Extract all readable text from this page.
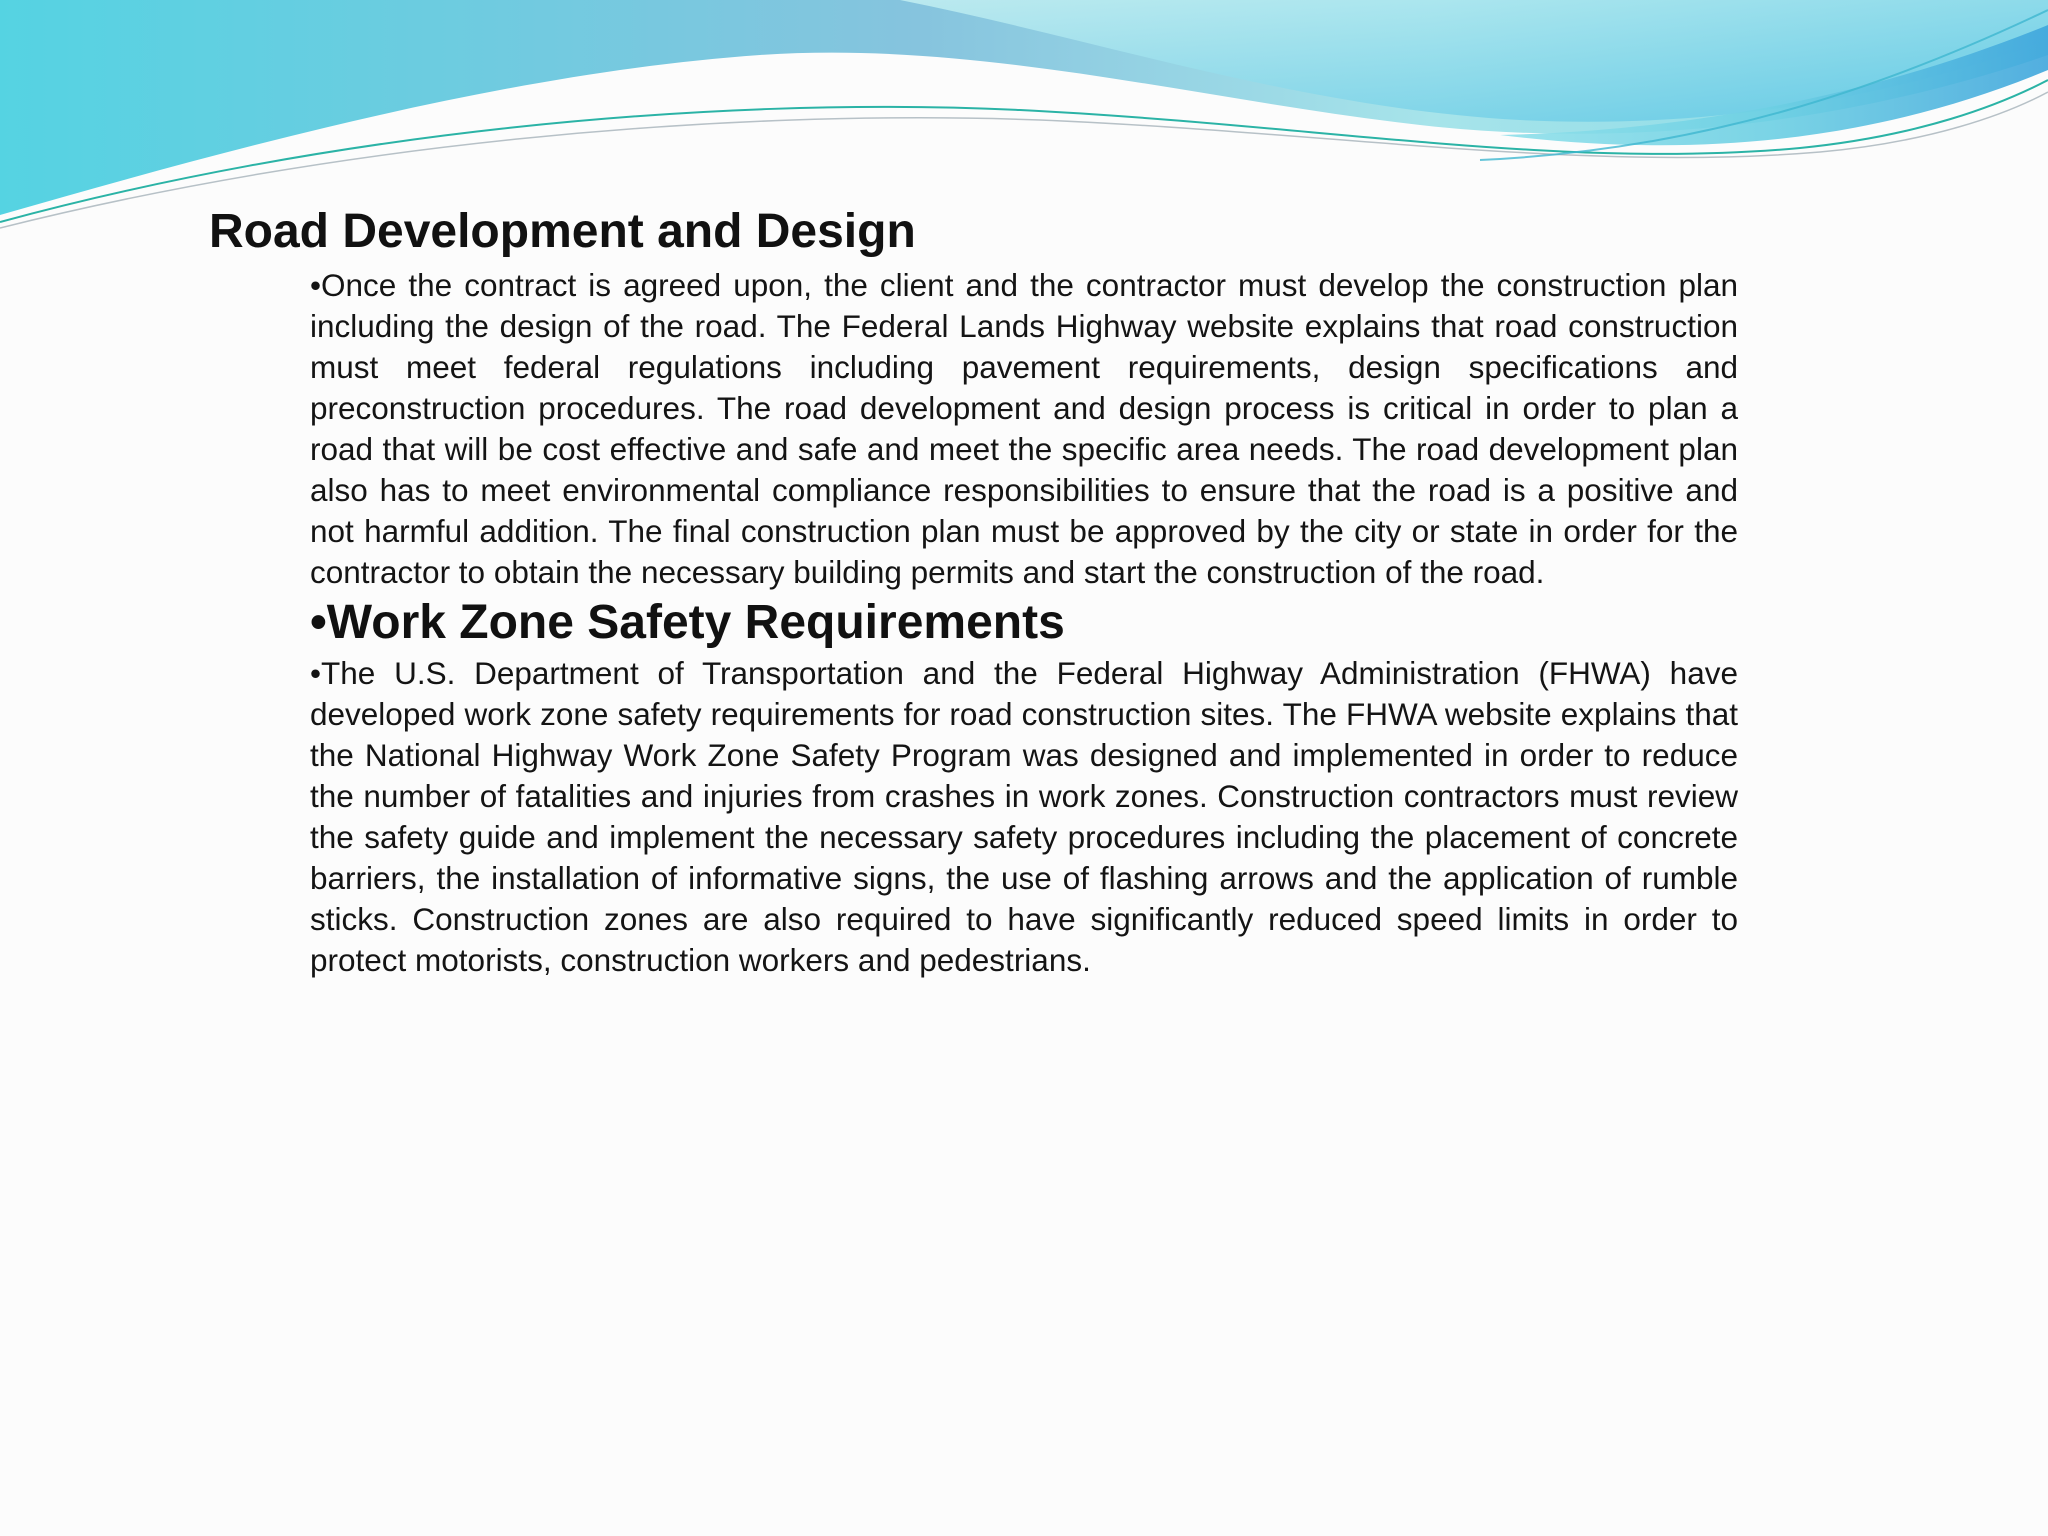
Road Development and Design

•Once the contract is agreed upon, the client and the contractor must develop the construction plan including the design of the road. The Federal Lands Highway website explains that road construction must meet federal regulations including pavement requirements, design specifications and preconstruction procedures. The road development and design process is critical in order to plan a road that will be cost effective and safe and meet the specific area needs. The road development plan also has to meet environmental compliance responsibilities to ensure that the road is a positive and not harmful addition. The final construction plan must be approved by the city or state in order for the contractor to obtain the necessary building permits and start the construction of the road.

•Work Zone Safety Requirements

•The U.S. Department of Transportation and the Federal Highway Administration (FHWA) have developed work zone safety requirements for road construction sites. The FHWA website explains that the National Highway Work Zone Safety Program was designed and implemented in order to reduce the number of fatalities and injuries from crashes in work zones. Construction contractors must review the safety guide and implement the necessary safety procedures including the placement of concrete barriers, the installation of informative signs, the use of flashing arrows and the application of rumble sticks. Construction zones are also required to have significantly reduced speed limits in order to protect motorists, construction workers and pedestrians.
